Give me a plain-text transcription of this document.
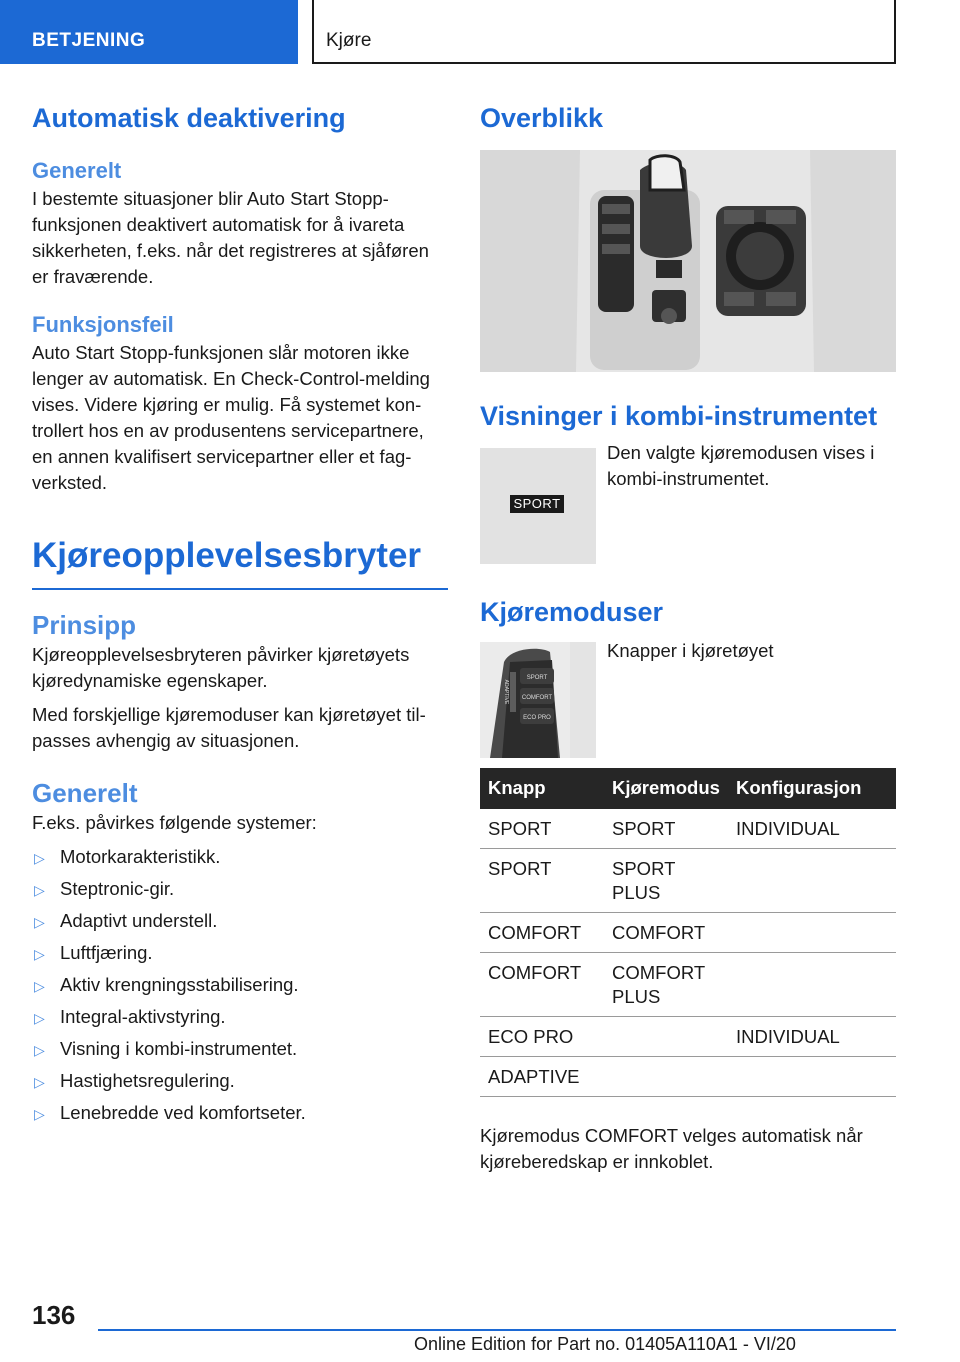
BETJENING	Kjøre
Automatisk deaktivering
Generelt

I bestemte situasjoner blir Auto Start Stopp-funksjonen deaktivert automatisk for å ivareta sikkerheten, f.eks. når det registreres at sjåføren er fraværende.

Funksjonsfeil

Auto Start Stopp-funksjonen slår motoren ikke lenger av automatisk. En Check-Control-melding vises. Videre kjøring er mulig. Få systemet kontrollert hos en av produsentens servicepartnere, en annen kvalifisert servicepartner eller et fagverksted.

Kjøreopplevelsesbryter
Prinsipp

Kjøreopplevelsesbryteren påvirker kjøretøyets kjøredynamiske egenskaper.

Med forskjellige kjøremoduser kan kjøretøyet tilpasses avhengig av situasjonen.

Generelt

F.eks. påvirkes følgende systemer:

▷ Motorkarakteristikk.
▷ Steptronic-gir.
▷ Adaptivt understell.
▷ Luftfjæring.
▷ Aktiv krengningsstabilisering.
▷ Integral-aktivstyring.
▷ Visning i kombi-instrumentet.
▷ Hastighetsregulering.
▷ Lenebredde ved komfortseter.
Overblikk
Visninger i kombi-instrumentet
SPORT

Den valgte kjøremodusen vises i kombi-instrumentet.

Kjøremoduser
SPORT
COMFORT
ECO PRO
ADAPTIVE

Knapper i kjøretøyet

Knapp	Kjøremodus	Konfigurasjon
SPORT	SPORT	INDIVIDUAL
SPORT	SPORT PLUS	
COMFORT	COMFORT	
COMFORT	COMFORT PLUS	
ECO PRO		INDIVIDUAL
ADAPTIVE		

Kjøremodus COMFORT velges automatisk når kjøreberedskap er innkoblet.

136
Online Edition for Part no. 01405A110A1 - VI/20
